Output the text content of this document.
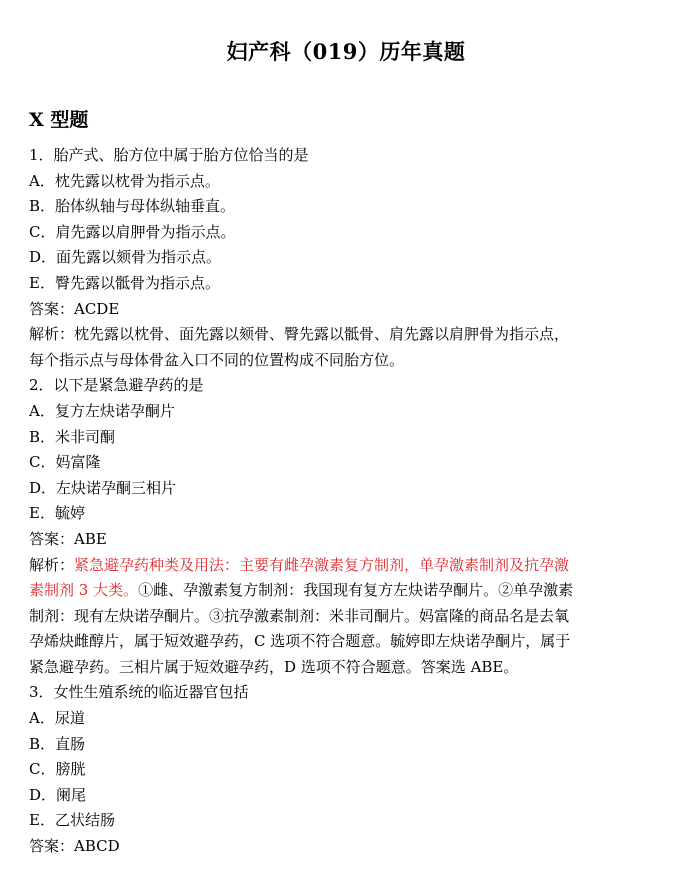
妇产科（019）历年真题
X 型题
1．胎产式、胎方位中属于胎方位恰当的是
A．枕先露以枕骨为指示点。
B．胎体纵轴与母体纵轴垂直。
C．肩先露以肩胛骨为指示点。
D．面先露以颏骨为指示点。
E．臀先露以骶骨为指示点。
答案：ACDE
解析：枕先露以枕骨、面先露以颏骨、臀先露以骶骨、肩先露以肩胛骨为指示点，
每个指示点与母体骨盆入口不同的位置构成不同胎方位。
2．以下是紧急避孕药的是
A．复方左炔诺孕酮片
B．米非司酮
C．妈富隆
D．左炔诺孕酮三相片
E．毓婷
答案：ABE
解析：紧急避孕药种类及用法：主要有雌孕激素复方制剂，单孕激素制剂及抗孕激
素制剂 3 大类。①雌、孕激素复方制剂：我国现有复方左炔诺孕酮片。②单孕激素
制剂：现有左炔诺孕酮片。③抗孕激素制剂：米非司酮片。妈富隆的商品名是去氧
孕烯炔雌醇片，属于短效避孕药，C 选项不符合题意。毓婷即左炔诺孕酮片，属于
紧急避孕药。三相片属于短效避孕药，D 选项不符合题意。答案选 ABE。
3．女性生殖系统的临近器官包括
A．尿道
B．直肠
C．膀胱
D．阑尾
E．乙状结肠
答案：ABCD
